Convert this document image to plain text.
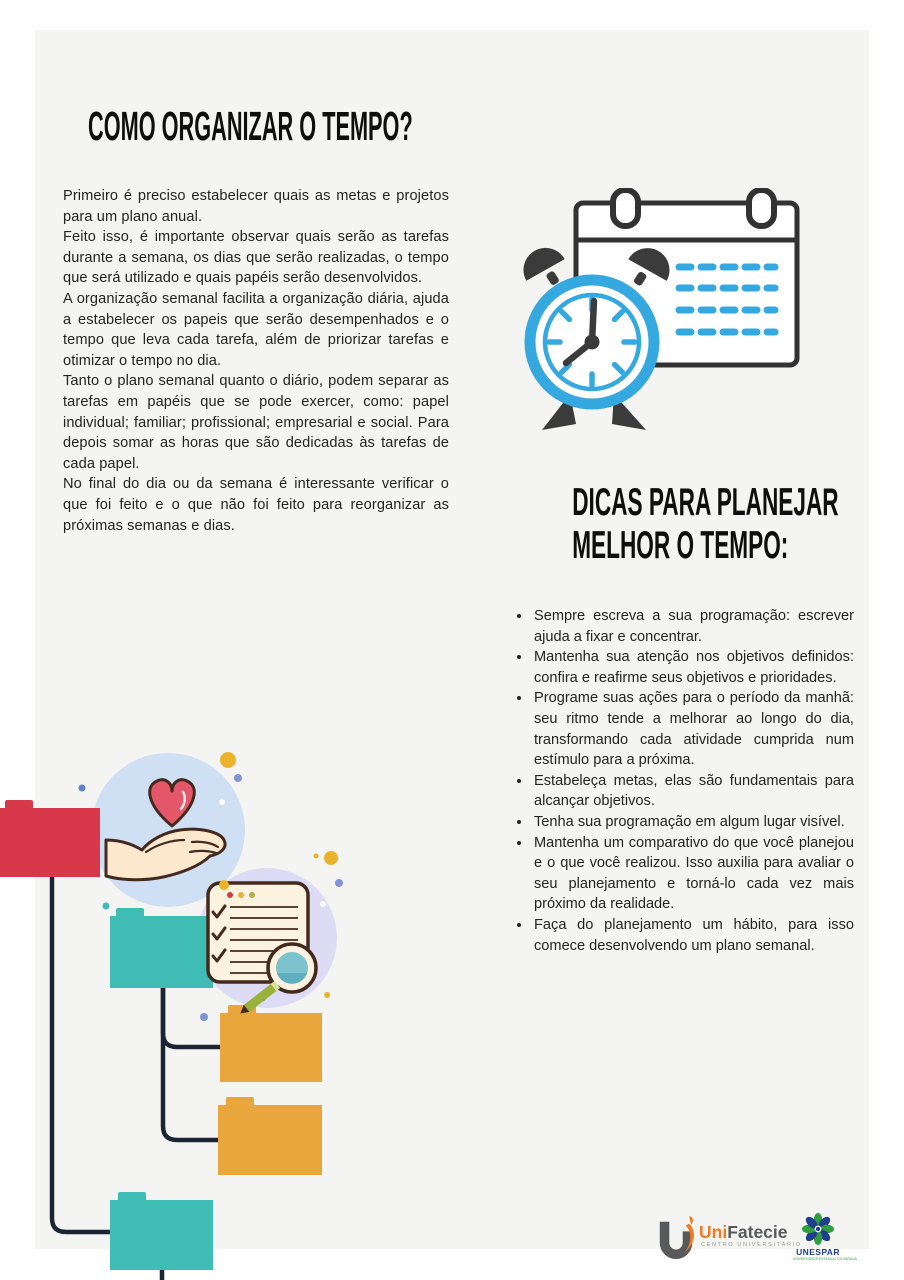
COMO ORGANIZAR O TEMPO?

Primeiro é preciso estabelecer quais as metas e projetos para um plano anual.

Feito isso, é importante observar quais serão as tarefas durante a semana, os dias que serão realizadas, o tempo que será utilizado e quais papéis serão desenvolvidos.

A organização semanal facilita a organização diária, ajuda a estabelecer os papeis que serão desempenhados e o tempo que leva cada tarefa, além de priorizar tarefas e otimizar o tempo no dia.

Tanto o plano semanal quanto o diário, podem separar as tarefas em papéis que se pode exercer, como: papel individual; familiar; profissional; empresarial e social. Para depois somar as horas que são dedicadas às tarefas de cada papel.

No final do dia ou da semana é interessante verificar o que foi feito e o que não foi feito para reorganizar as próximas semanas e dias.

DICAS PARA PLANEJAR
MELHOR O TEMPO:
• Sempre escreva a sua programação: escrever ajuda a fixar e concentrar.
• Mantenha sua atenção nos objetivos definidos: confira e reafirme seus objetivos e prioridades.
• Programe suas ações para o período da manhã: seu ritmo tende a melhorar ao longo do dia, transformando cada atividade cumprida num estímulo para a próxima.
• Estabeleça metas, elas são fundamentais para alcançar objetivos.
• Tenha sua programação em algum lugar visível.
• Mantenha um comparativo do que você planejou e o que você realizou. Isso auxilia para avaliar o seu planejamento e torná-lo cada vez mais próximo da realidade.
• Faça do planejamento um hábito, para isso comece desenvolvendo um plano semanal.
UniFatecie
CENTRO UNIVERSITÁRIO
UNESPAR
UNIVERSIDADE ESTADUAL DO PARANÁ
